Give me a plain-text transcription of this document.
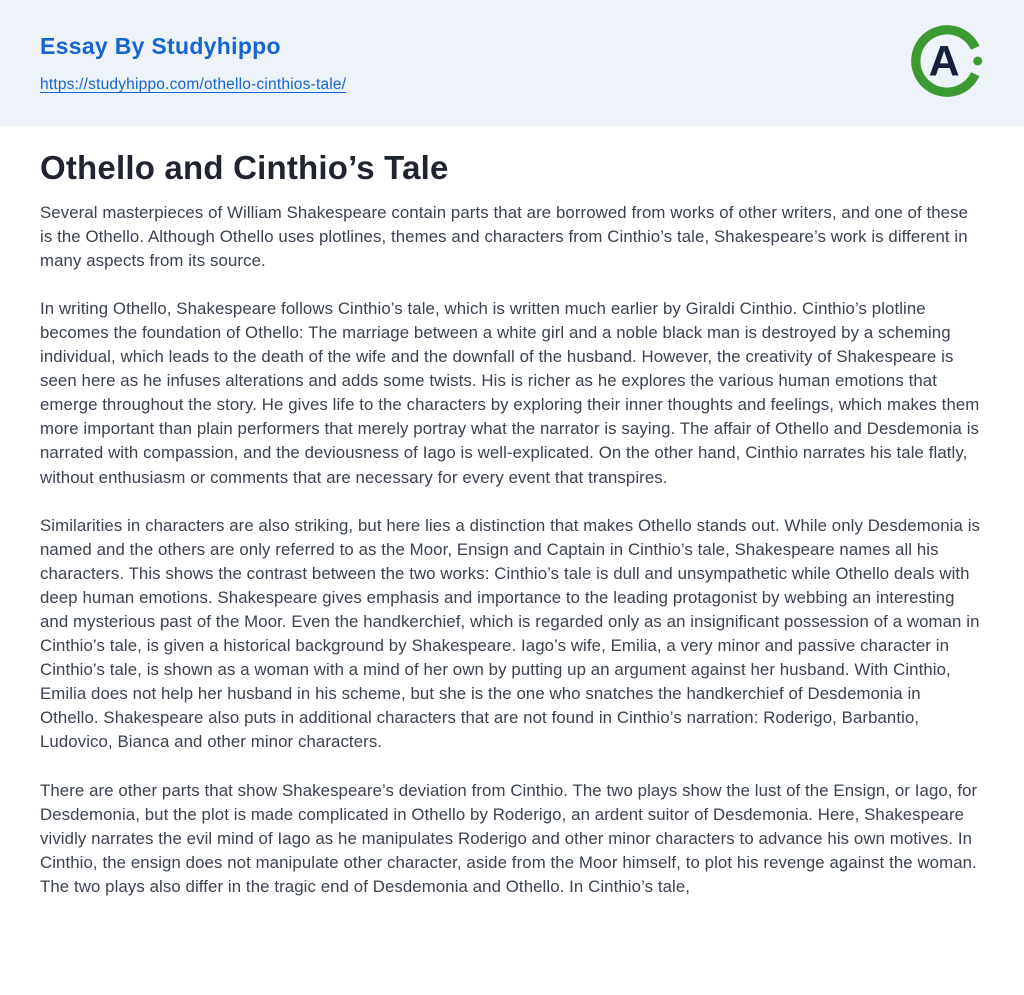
Essay By Studyhippo
https://studyhippo.com/othello-cinthios-tale/	A
Othello and Cinthio’s Tale

Several masterpieces of William Shakespeare contain parts that are borrowed from works of other writers, and one of these is the Othello. Although Othello uses plotlines, themes and characters from Cinthio’s tale, Shakespeare’s work is different in many aspects from its source.

In writing Othello, Shakespeare follows Cinthio’s tale, which is written much earlier by Giraldi Cinthio. Cinthio’s plotline becomes the foundation of Othello: The marriage between a white girl and a noble black man is destroyed by a scheming individual, which leads to the death of the wife and the downfall of the husband. However, the creativity of Shakespeare is seen here as he infuses alterations and adds some twists. His is richer as he explores the various human emotions that emerge throughout the story. He gives life to the characters by exploring their inner thoughts and feelings, which makes them more important than plain performers that merely portray what the narrator is saying. The affair of Othello and Desdemonia is narrated with compassion, and the deviousness of Iago is well-explicated. On the other hand, Cinthio narrates his tale flatly, without enthusiasm or comments that are necessary for every event that transpires.

Similarities in characters are also striking, but here lies a distinction that makes Othello stands out. While only Desdemonia is named and the others are only referred to as the Moor, Ensign and Captain in Cinthio’s tale, Shakespeare names all his characters. This shows the contrast between the two works: Cinthio’s tale is dull and unsympathetic while Othello deals with deep human emotions. Shakespeare gives emphasis and importance to the leading protagonist by webbing an interesting and mysterious past of the Moor. Even the handkerchief, which is regarded only as an insignificant possession of a woman in Cinthio’s tale, is given a historical background by Shakespeare. Iago’s wife, Emilia, a very minor and passive character in Cinthio’s tale, is shown as a woman with a mind of her own by putting up an argument against her husband. With Cinthio, Emilia does not help her husband in his scheme, but she is the one who snatches the handkerchief of Desdemonia in Othello. Shakespeare also puts in additional characters that are not found in Cinthio’s narration: Roderigo, Barbantio, Ludovico, Bianca and other minor characters.

There are other parts that show Shakespeare’s deviation from Cinthio. The two plays show the lust of the Ensign, or Iago, for Desdemonia, but the plot is made complicated in Othello by Roderigo, an ardent suitor of Desdemonia. Here, Shakespeare vividly narrates the evil mind of Iago as he manipulates Roderigo and other minor characters to advance his own motives. In Cinthio, the ensign does not manipulate other character, aside from the Moor himself, to plot his revenge against the woman. The two plays also differ in the tragic end of Desdemonia and Othello. In Cinthio’s tale,
